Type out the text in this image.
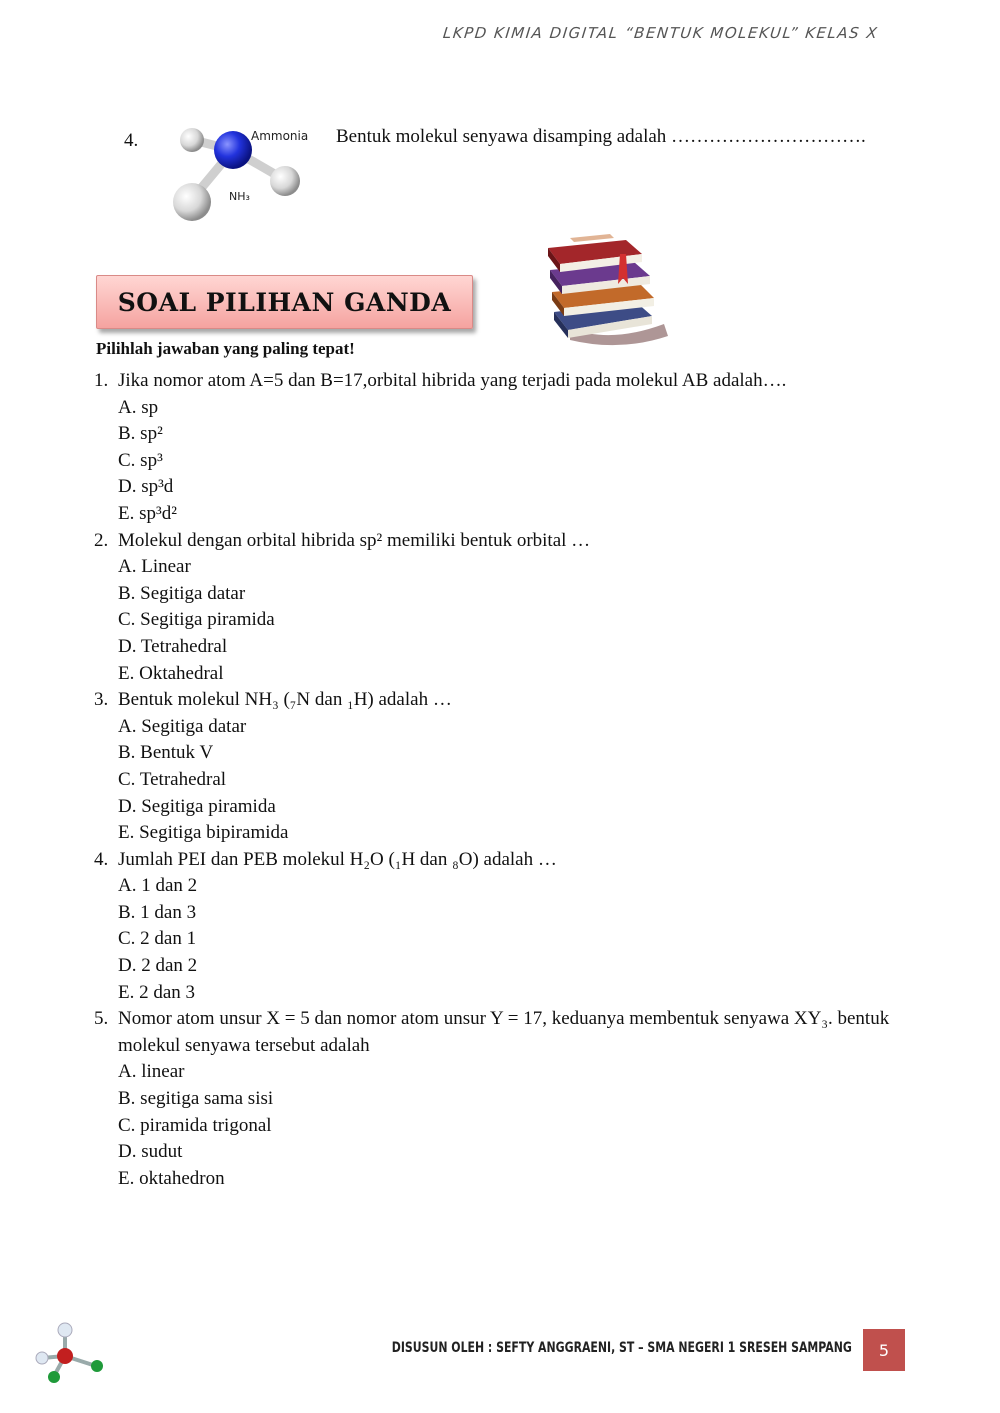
LKPD KIMIA DIGITAL “BENTUK MOLEKUL” KELAS X
4.	Ammonia
NH₃
Bentuk molekul senyawa disamping adalah ………………………….
SOAL PILIHAN GANDA
Pilihlah jawaban yang paling tepat!
1. Jika nomor atom A=5 dan B=17,orbital hibrida yang terjadi pada molekul AB adalah….
A. sp
B. sp²
C. sp³
D. sp³d
E. sp³d²
2. Molekul dengan orbital hibrida sp² memiliki bentuk orbital …
A. Linear
B. Segitiga datar
C. Segitiga piramida
D. Tetrahedral
E. Oktahedral
3. Bentuk molekul NH₃ (₇N dan ₁H) adalah …
A. Segitiga datar
B. Bentuk V
C. Tetrahedral
D. Segitiga piramida
E. Segitiga bipiramida
4. Jumlah PEI dan PEB molekul H₂O (₁H dan ₈O) adalah …
A. 1 dan 2
B. 1 dan 3
C. 2 dan 1
D. 2 dan 2
E. 2 dan 3
5. Nomor atom unsur X = 5 dan nomor atom unsur Y = 17, keduanya membentuk senyawa XY₃. bentuk molekul senyawa tersebut adalah
A. linear
B. segitiga sama sisi
C. piramida trigonal
D. sudut
E. oktahedron
DISUSUN OLEH : SEFTY ANGGRAENI, ST – SMA NEGERI 1 SRESEH SAMPANG	5
